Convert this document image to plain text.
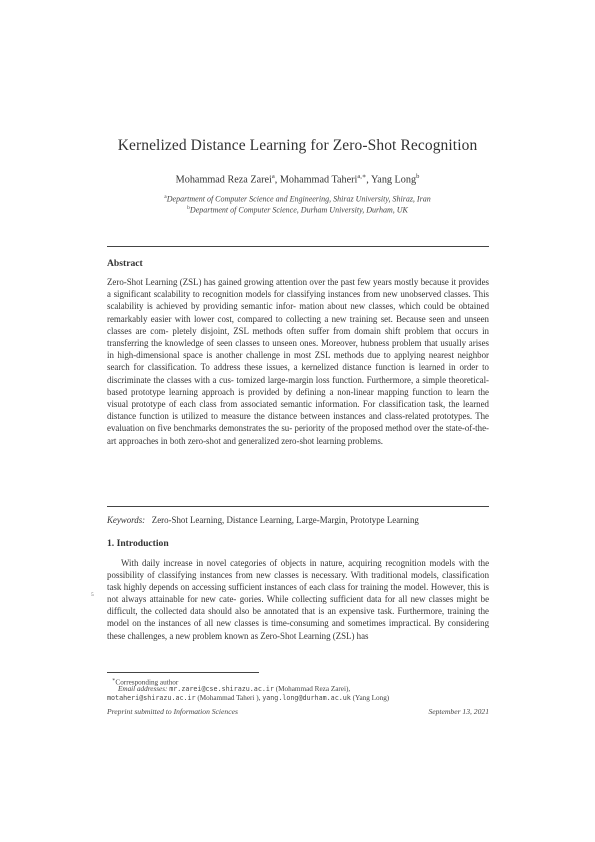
Kernelized Distance Learning for Zero-Shot Recognition
Mohammad Reza Zarei$^a$, Mohammad Taheri$^{a,∗}$, Yang Long$^b$
$^a$Department of Computer Science and Engineering, Shiraz University, Shiraz, Iran
$^b$Department of Computer Science, Durham University, Durham, UK
Abstract

Zero-Shot Learning (ZSL) has gained growing attention over the past few years mostly because it provides a significant scalability to recognition models for classifying instances from new unobserved classes. This scalability is achieved by providing semantic infor- mation about new classes, which could be obtained remarkably easier with lower cost, compared to collecting a new training set. Because seen and unseen classes are com- pletely disjoint, ZSL methods often suffer from domain shift problem that occurs in transferring the knowledge of seen classes to unseen ones. Moreover, hubness problem that usually arises in high-dimensional space is another challenge in most ZSL methods due to applying nearest neighbor search for classification. To address these issues, a kernelized distance function is learned in order to discriminate the classes with a cus- tomized large-margin loss function. Furthermore, a simple theoretical-based prototype learning approach is provided by defining a non-linear mapping function to learn the visual prototype of each class from associated semantic information. For classification task, the learned distance function is utilized to measure the distance between instances and class-related prototypes. The evaluation on five benchmarks demonstrates the su- periority of the proposed method over the state-of-the-art approaches in both zero-shot and generalized zero-shot learning problems.

Keywords: Zero-Shot Learning, Distance Learning, Large-Margin, Prototype Learning
1. Introduction
5

With daily increase in novel categories of objects in nature, acquiring recognition models with the possibility of classifying instances from new classes is necessary. With traditional models, classification task highly depends on accessing sufficient instances of each class for training the model. However, this is not always attainable for new cate- gories. While collecting sufficient data for all new classes might be difficult, the collected data should also be annotated that is an expensive task. Furthermore, training the model on the instances of all new classes is time-consuming and sometimes impractical. By considering these challenges, a new problem known as Zero-Shot Learning (ZSL) has

∗Corresponding author
Email addresses: mr.zarei@cse.shirazu.ac.ir (Mohammad Reza Zarei),
motaheri@shirazu.ac.ir (Mohammad Taheri ), yang.long@durham.ac.uk (Yang Long)
Preprint submitted to Information Sciences	September 13, 2021
